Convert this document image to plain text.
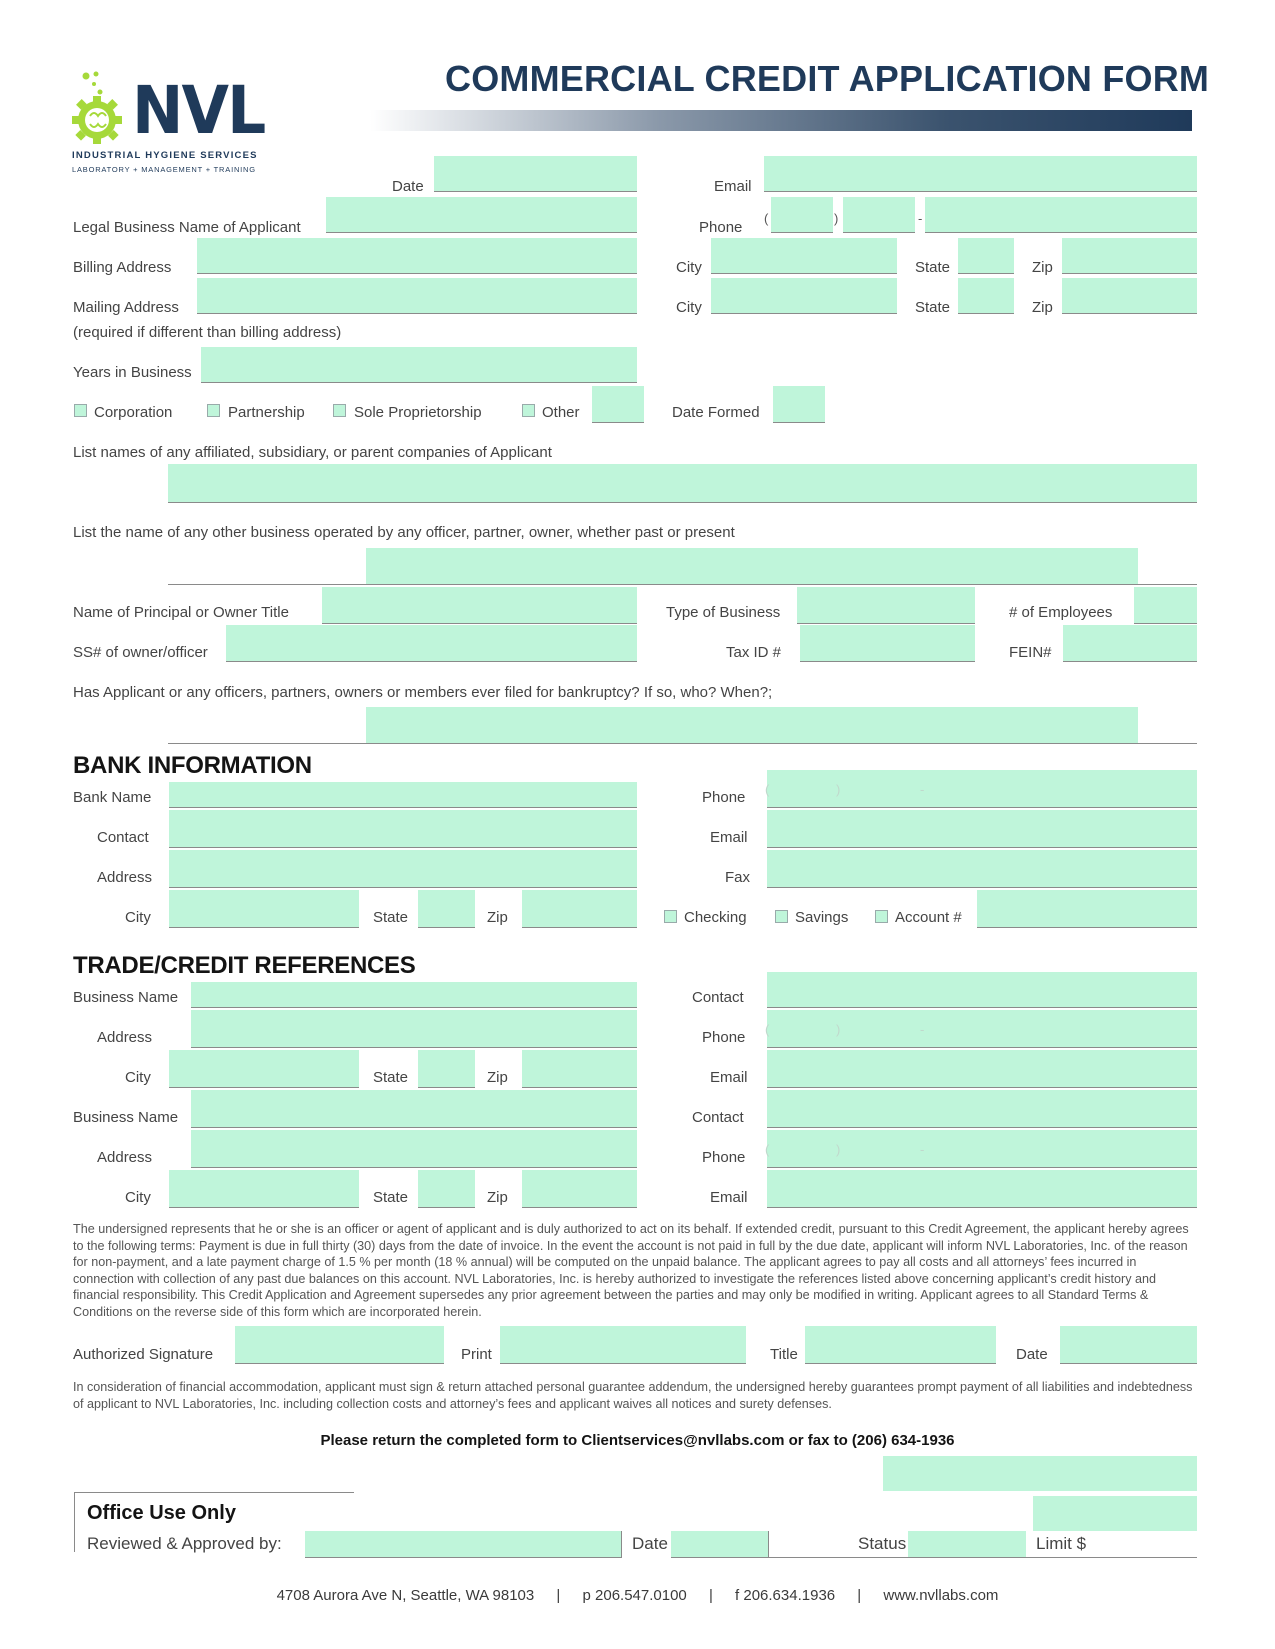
NVL
INDUSTRIAL HYGIENE SERVICES
LABORATORY + MANAGEMENT + TRAINING
COMMERCIAL CREDIT APPLICATION FORM
Date	Email
Legal Business Name of Applicant	Phone
(	)	-
Billing Address	City	State	Zip
Mailing Address
(required if different than billing address)
City	State	Zip
Years in Business
Corporation	Partnership	Sole Proprietorship	Other	Date Formed
List names of any affiliated, subsidiary, or parent companies of Applicant
List the name of any other business operated by any officer, partner, owner, whether past or present
Name of Principal or Owner Title	Type of Business	# of Employees
SS# of owner/officer	Tax ID #	FEIN#
Has Applicant or any officers, partners, owners or members ever filed for bankruptcy? If so, who? When?;
BANK INFORMATION
Bank Name	Phone (	)	-
Contact	Email
Address	Fax
City	State	Zip	Checking	Savings	Account #
TRADE/CREDIT REFERENCES
Business Name	Contact
Address	Phone (	)	-
City	State	Zip	Email
Business Name	Contact
Address	Phone (	)	-
City	State	Zip	Email
The undersigned represents that he or she is an officer or agent of applicant and is duly authorized to act on its behalf. If extended credit, pursuant to this Credit Agreement, the applicant hereby agrees to the following terms: Payment is due in full thirty (30) days from the date of invoice. In the event the account is not paid in full by the due date, applicant will inform NVL Laboratories, Inc. of the reason for non-payment, and a late payment charge of 1.5 % per month (18 % annual) will be computed on the unpaid balance. The applicant agrees to pay all costs and all attorneys’ fees incurred in connection with collection of any past due balances on this account. NVL Laboratories, Inc. is hereby authorized to investigate the references listed above concerning applicant’s credit history and financial responsibility. This Credit Application and Agreement supersedes any prior agreement between the parties and may only be modified in writing. Applicant agrees to all Standard Terms & Conditions on the reverse side of this form which are incorporated herein.
Authorized Signature	Print	Title	Date
In consideration of financial accommodation, applicant must sign & return attached personal guarantee addendum, the undersigned hereby guarantees prompt payment of all liabilities and indebtedness of applicant to NVL Laboratories, Inc. including collection costs and attorney’s fees and applicant waives all notices and surety defenses.
Please return the completed form to Clientservices@nvllabs.com or fax to (206) 634-1936
Office Use Only
Reviewed & Approved by:	Date	Status	Limit $
4708 Aurora Ave N, Seattle, WA 98103 | p 206.547.0100 | f 206.634.1936 | www.nvllabs.com
